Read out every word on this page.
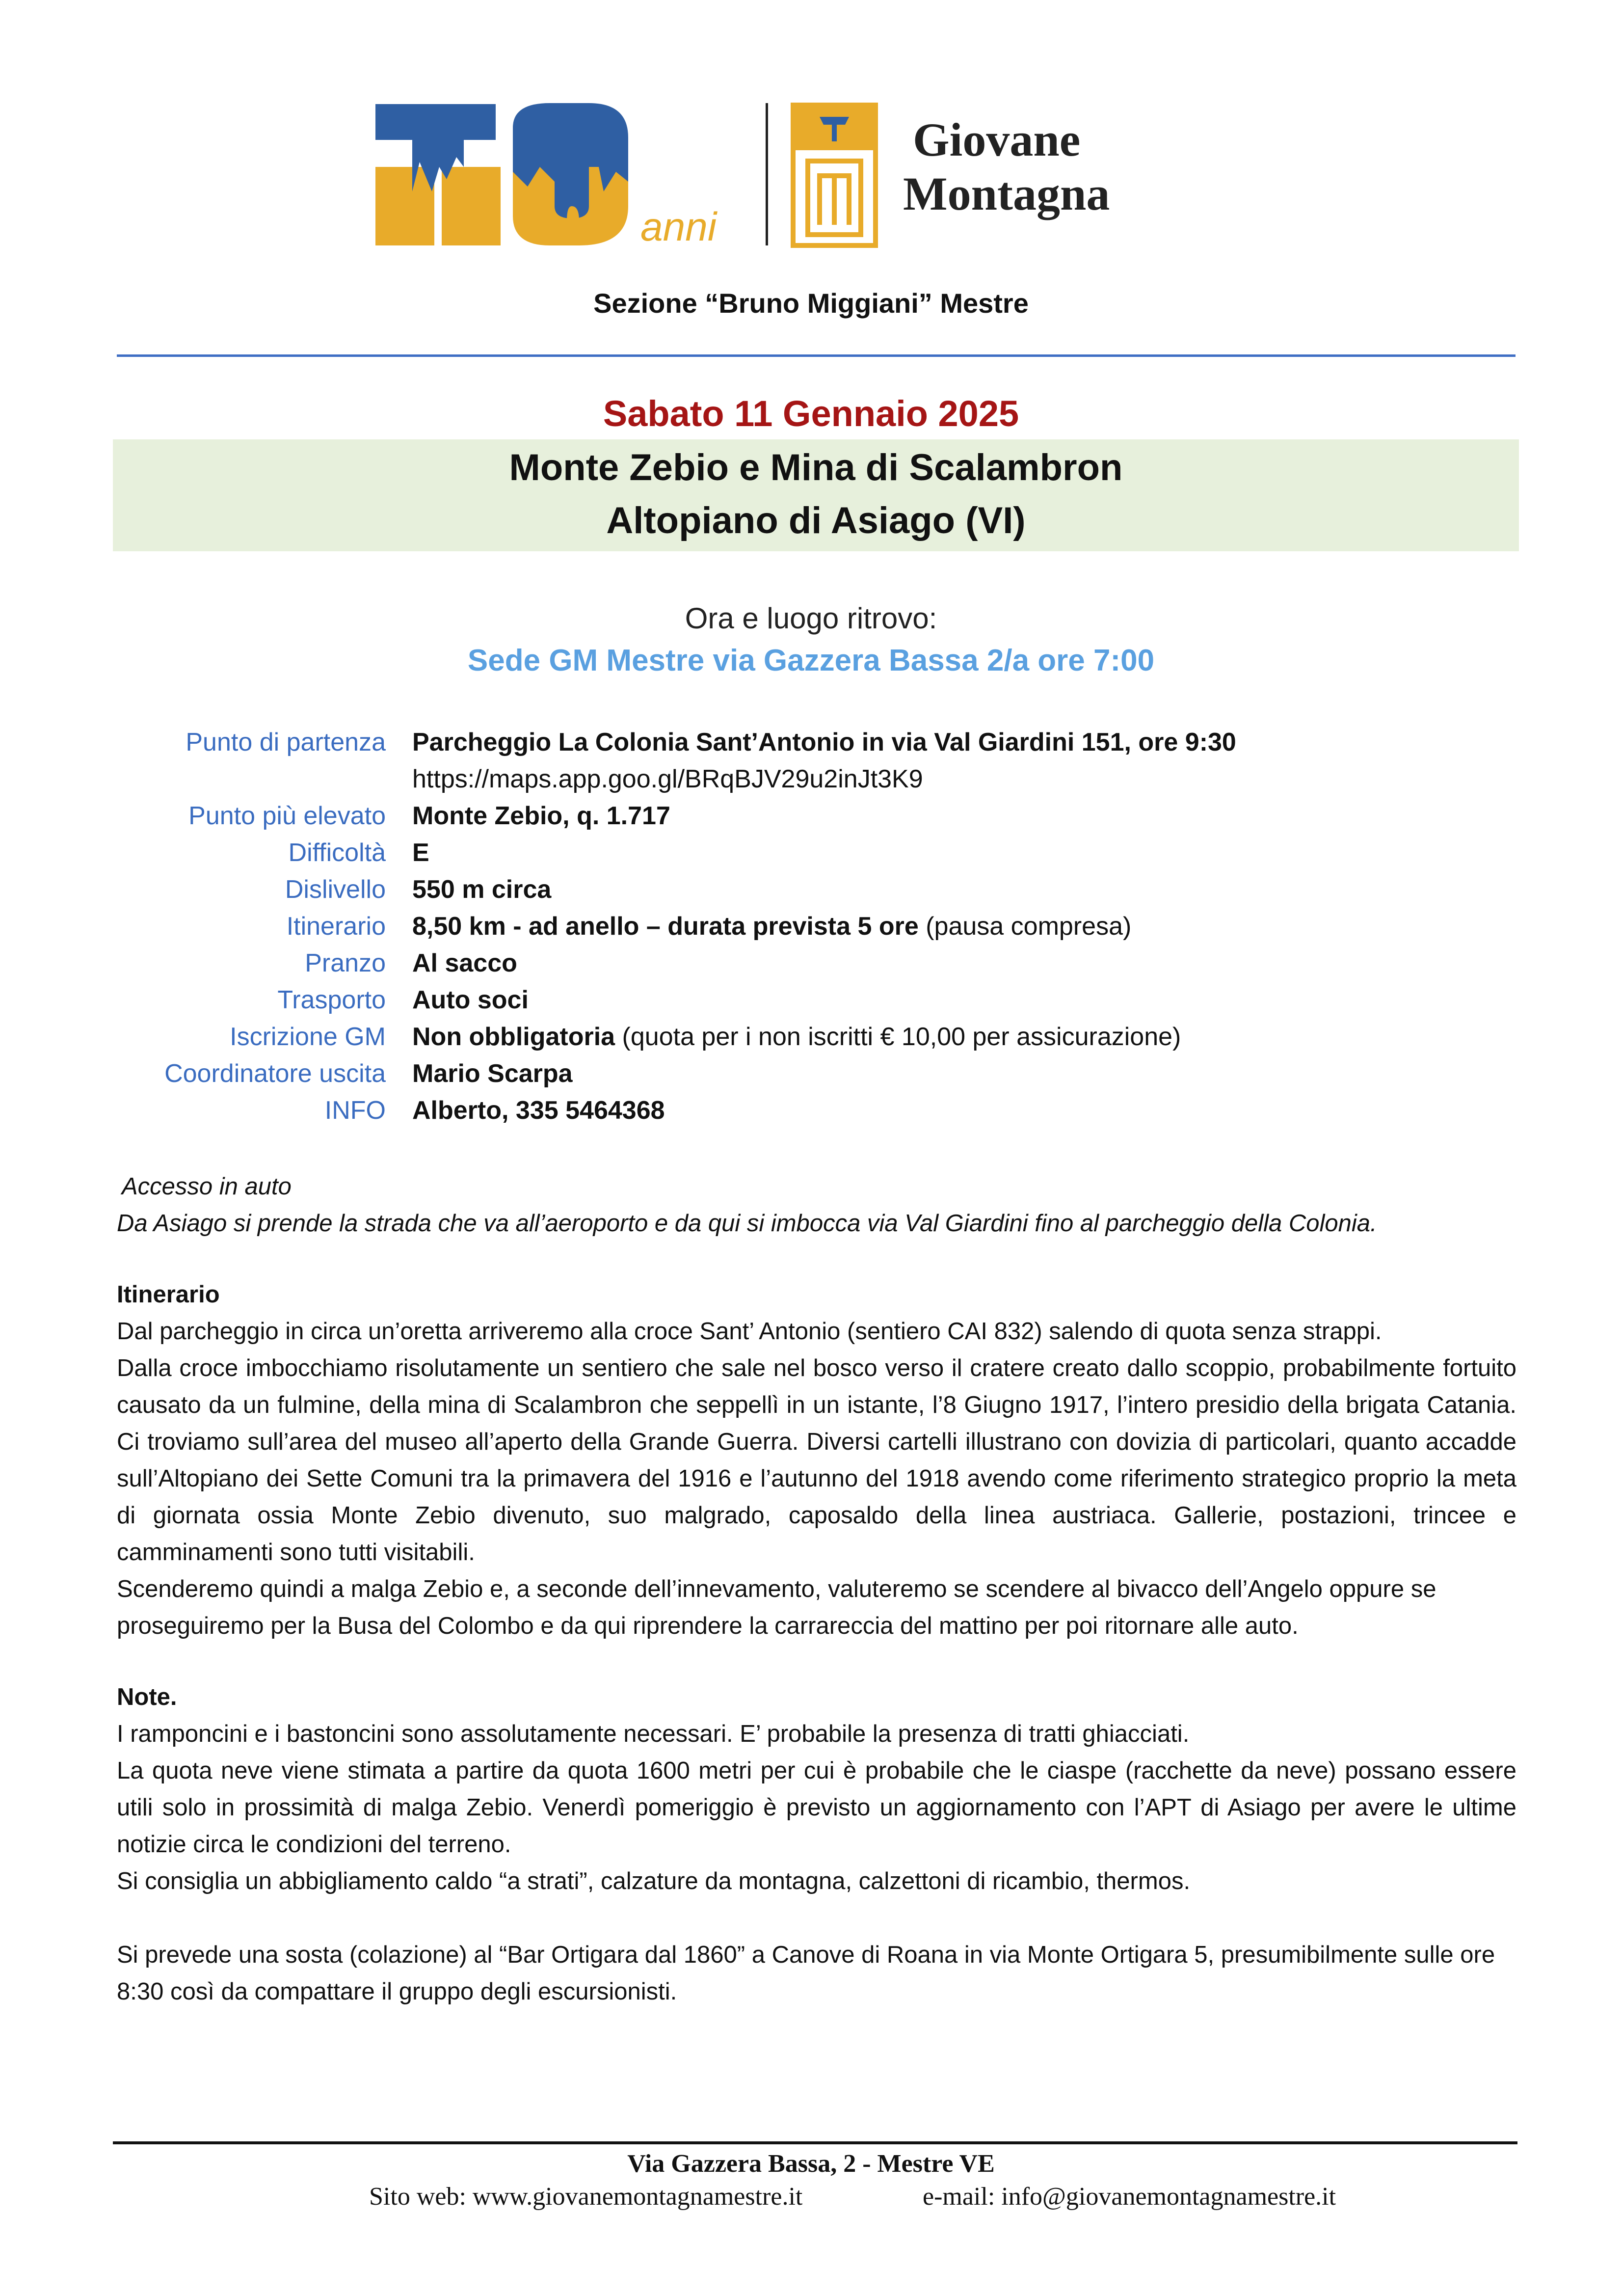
anni
Giovane
Montagna
Sezione “Bruno Miggiani” Mestre
Sabato 11 Gennaio 2025
Monte Zebio e Mina di Scalambron
Altopiano di Asiago (VI)
Ora e luogo ritrovo:
Sede GM Mestre via Gazzera Bassa 2/a ore 7:00
Punto di partenza	Parcheggio La Colonia Sant’Antonio in via Val Giardini 151, ore 9:30
https://maps.app.goo.gl/BRqBJV29u2inJt3K9
Punto più elevato	Monte Zebio, q. 1.717
Difficoltà	E
Dislivello	550 m circa
Itinerario	8,50 km - ad anello – durata prevista 5 ore (pausa compresa)
Pranzo	Al sacco
Trasporto	Auto soci
Iscrizione GM	Non obbligatoria (quota per i non iscritti € 10,00 per assicurazione)
Coordinatore uscita	Mario Scarpa
INFO	Alberto, 335 5464368
Accesso in auto
Da Asiago si prende la strada che va all’aeroporto e da qui si imbocca via Val Giardini fino al parcheggio della Colonia.
Itinerario
Dal parcheggio in circa un’oretta arriveremo alla croce Sant’ Antonio (sentiero CAI 832) salendo di quota senza strappi.
Dalla croce imbocchiamo risolutamente un sentiero che sale nel bosco verso il cratere creato dallo scoppio, probabilmente fortuito causato da un fulmine, della mina di Scalambron che seppellì in un istante, l’8 Giugno 1917, l’intero presidio della brigata Catania. Ci troviamo sull’area del museo all’aperto della Grande Guerra. Diversi cartelli illustrano con dovizia di particolari, quanto accadde sull’Altopiano dei Sette Comuni tra la primavera del 1916 e l’autunno del 1918 avendo come riferimento strategico proprio la meta di giornata ossia Monte Zebio divenuto, suo malgrado, caposaldo della linea austriaca. Gallerie, postazioni, trincee e camminamenti sono tutti visitabili.
Scenderemo quindi a malga Zebio e, a seconde dell’innevamento, valuteremo se scendere al bivacco dell’Angelo oppure se proseguiremo per la Busa del Colombo e da qui riprendere la carrareccia del mattino per poi ritornare alle auto.
Note.
I ramponcini e i bastoncini sono assolutamente necessari. E’ probabile la presenza di tratti ghiacciati.
La quota neve viene stimata a partire da quota 1600 metri per cui è probabile che le ciaspe (racchette da neve) possano essere utili solo in prossimità di malga Zebio. Venerdì pomeriggio è previsto un aggiornamento con l’APT di Asiago per avere le ultime notizie circa le condizioni del terreno.
Si consiglia un abbigliamento caldo “a strati”, calzature da montagna, calzettoni di ricambio, thermos.
Si prevede una sosta (colazione) al “Bar Ortigara dal 1860” a Canove di Roana in via Monte Ortigara 5, presumibilmente sulle ore 8:30 così da compattare il gruppo degli escursionisti.
Via Gazzera Bassa, 2 - Mestre VE
Sito web: www.giovanemontagnamestre.it	e-mail: info@giovanemontagnamestre.it
